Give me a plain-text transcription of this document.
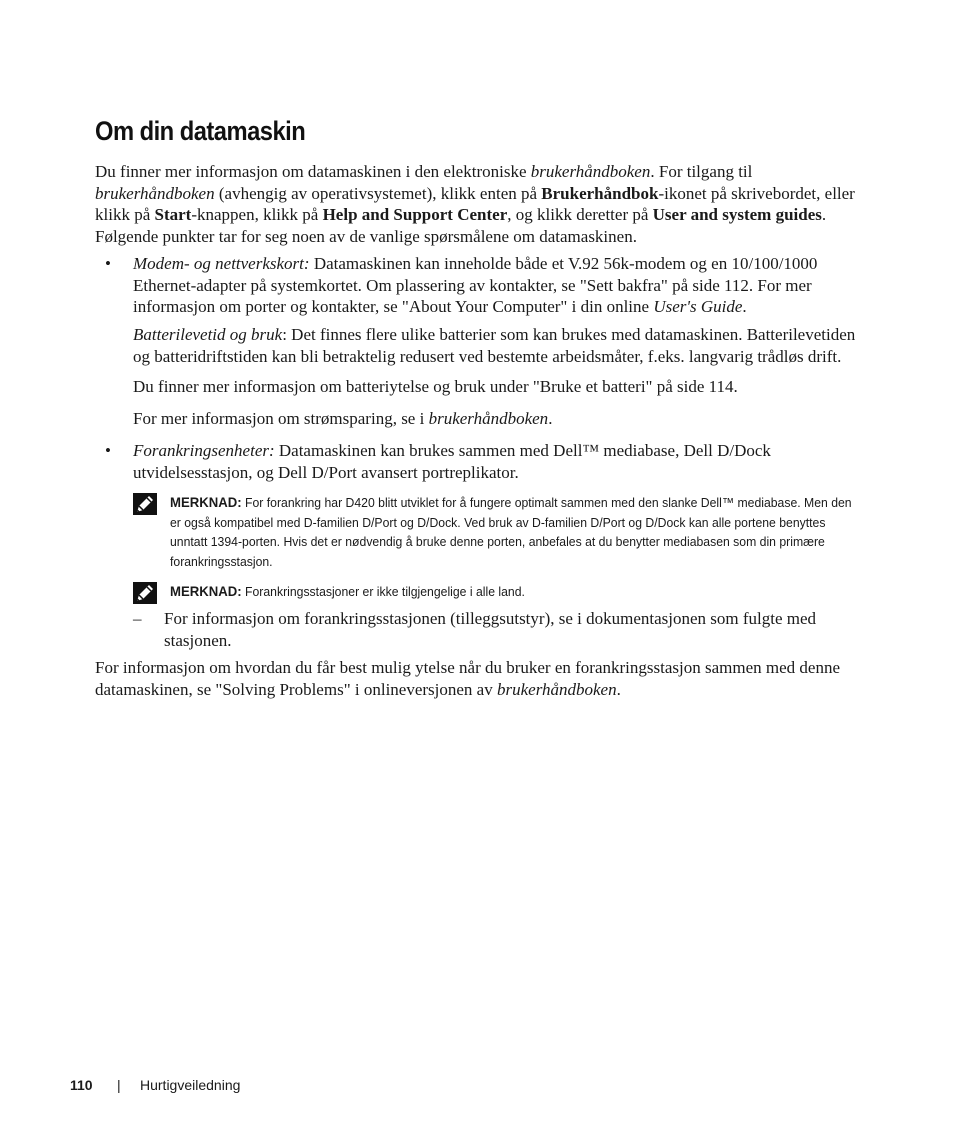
Om din datamaskin

Du finner mer informasjon om datamaskinen i den elektroniske brukerhåndboken. For tilgang til brukerhåndboken (avhengig av operativsystemet), klikk enten på Brukerhåndbok-ikonet på skrivebordet, eller klikk på Start-knappen, klikk på Help and Support Center, og klikk deretter på User and system guides. Følgende punkter tar for seg noen av de vanlige spørsmålene om datamaskinen.

• Modem- og nettverkskort: Datamaskinen kan inneholde både et V.92 56k-modem og en 10/100/1000 Ethernet-adapter på systemkortet. Om plassering av kontakter, se "Sett bakfra" på side 112. For mer informasjon om porter og kontakter, se "About Your Computer" i din online User's Guide.

Batterilevetid og bruk: Det finnes flere ulike batterier som kan brukes med datamaskinen. Batterilevetiden og batteridriftstiden kan bli betraktelig redusert ved bestemte arbeidsmåter, f.eks. langvarig trådløs drift.

Du finner mer informasjon om batteriytelse og bruk under "Bruke et batteri" på side 114.

For mer informasjon om strømsparing, se i brukerhåndboken.

• Forankringsenheter: Datamaskinen kan brukes sammen med Dell™ mediabase, Dell D/Dock utvidelsesstasjon, og Dell D/Port avansert portreplikator.

MERKNAD: For forankring har D420 blitt utviklet for å fungere optimalt sammen med den slanke Dell™ mediabase. Men den er også kompatibel med D-familien D/Port og D/Dock. Ved bruk av D-familien D/Port og D/Dock kan alle portene benyttes unntatt 1394-porten. Hvis det er nødvendig å bruke denne porten, anbefales at du benytter mediabasen som din primære forankringsstasjon.
MERKNAD: Forankringsstasjoner er ikke tilgjengelige i alle land.
– For informasjon om forankringsstasjonen (tilleggsutstyr), se i dokumentasjonen som fulgte med stasjonen.

For informasjon om hvordan du får best mulig ytelse når du bruker en forankringsstasjon sammen med denne datamaskinen, se "Solving Problems" i onlineversjonen av brukerhåndboken.

110 | Hurtigveiledning
